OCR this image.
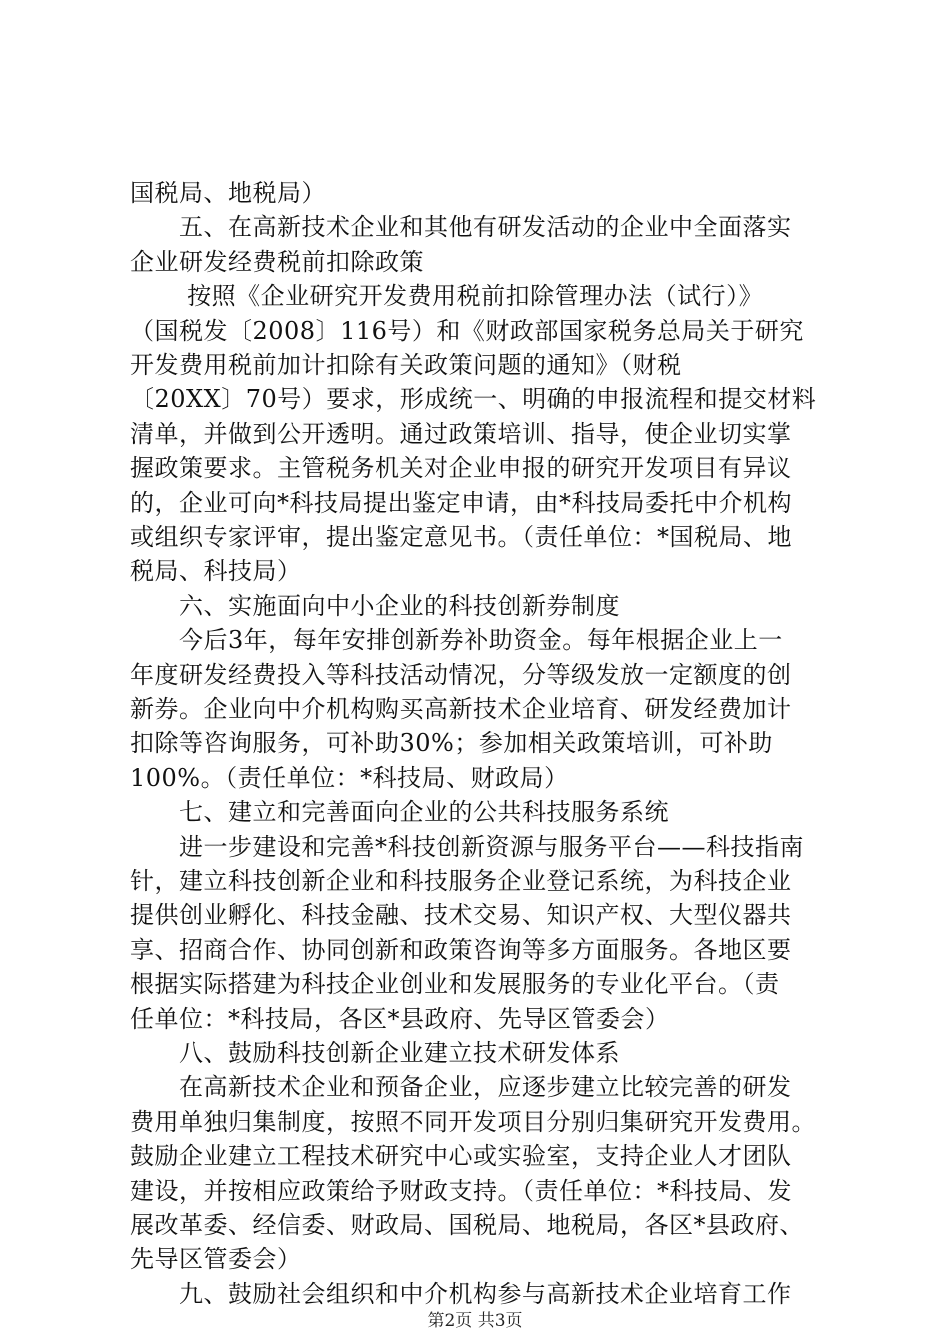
国税局、地税局）
　　五、在高新技术企业和其他有研发活动的企业中全面落实
企业研发经费税前扣除政策
　　 按照《企业研究开发费用税前扣除管理办法（试行）》
（国税发〔2008〕116号）和《财政部国家税务总局关于研究
开发费用税前加计扣除有关政策问题的通知》（财税
〔20XX〕70号）要求，形成统一、明确的申报流程和提交材料
清单，并做到公开透明。通过政策培训、指导，使企业切实掌
握政策要求。主管税务机关对企业申报的研究开发项目有异议
的，企业可向*科技局提出鉴定申请，由*科技局委托中介机构
或组织专家评审，提出鉴定意见书。（责任单位：*国税局、地
税局、科技局）
　　六、实施面向中小企业的科技创新券制度
　　今后3年，每年安排创新券补助资金。每年根据企业上一
年度研发经费投入等科技活动情况，分等级发放一定额度的创
新券。企业向中介机构购买高新技术企业培育、研发经费加计
扣除等咨询服务，可补助30%；参加相关政策培训，可补助
100%。（责任单位：*科技局、财政局）
　　七、建立和完善面向企业的公共科技服务系统
　　进一步建设和完善*科技创新资源与服务平台——科技指南
针，建立科技创新企业和科技服务企业登记系统，为科技企业
提供创业孵化、科技金融、技术交易、知识产权、大型仪器共
享、招商合作、协同创新和政策咨询等多方面服务。各地区要
根据实际搭建为科技企业创业和发展服务的专业化平台。（责
任单位：*科技局，各区*县政府、先导区管委会）
　　八、鼓励科技创新企业建立技术研发体系
　　在高新技术企业和预备企业，应逐步建立比较完善的研发
费用单独归集制度，按照不同开发项目分别归集研究开发费用。
鼓励企业建立工程技术研究中心或实验室，支持企业人才团队
建设，并按相应政策给予财政支持。（责任单位：*科技局、发
展改革委、经信委、财政局、国税局、地税局，各区*县政府、
先导区管委会）
　　九、鼓励社会组织和中介机构参与高新技术企业培育工作
第2页 共3页
